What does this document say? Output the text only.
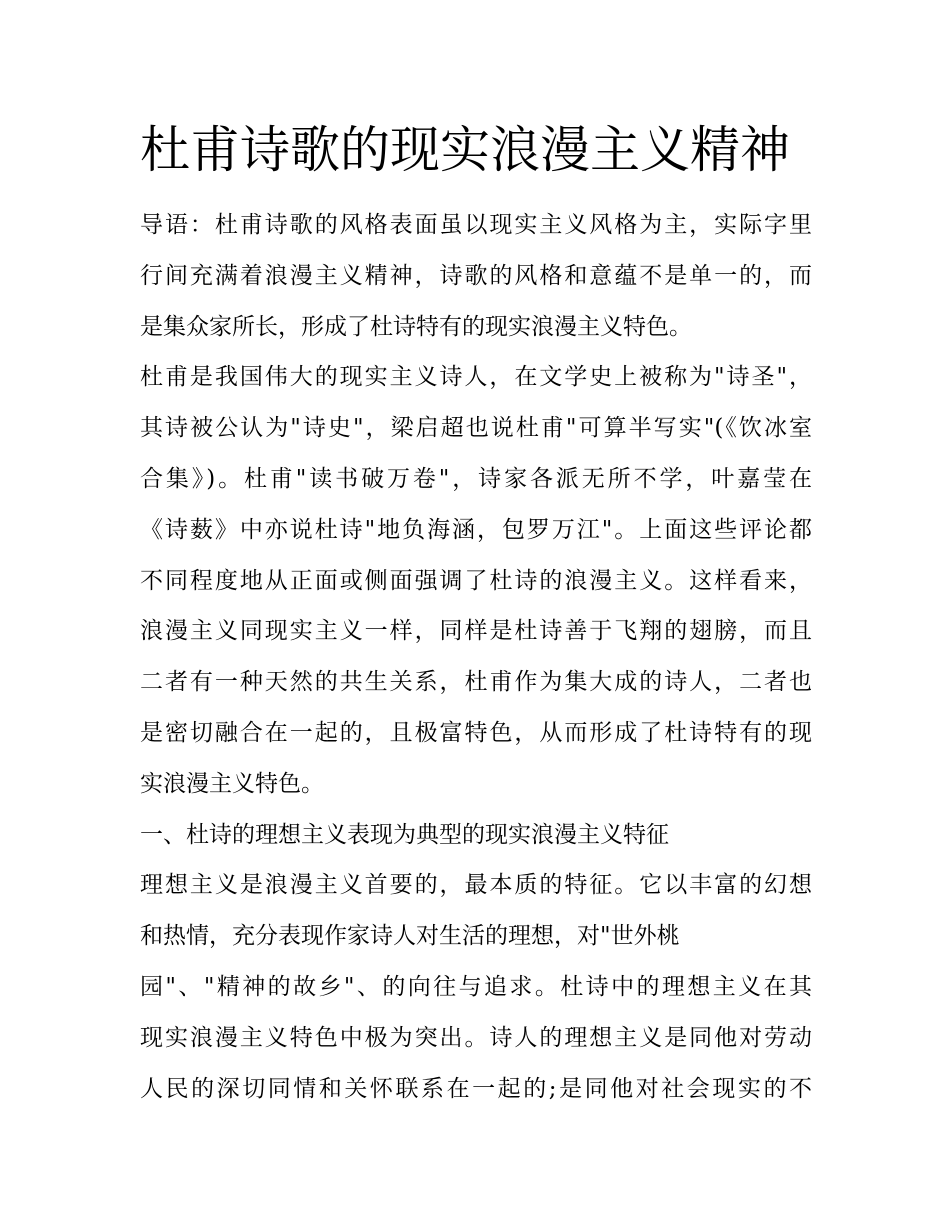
杜甫诗歌的现实浪漫主义精神
导语：杜甫诗歌的风格表面虽以现实主义风格为主，实际字里
行间充满着浪漫主义精神，诗歌的风格和意蕴不是单一的，而
是集众家所长，形成了杜诗特有的现实浪漫主义特色。
杜甫是我国伟大的现实主义诗人，在文学史上被称为"诗圣"，
其诗被公认为"诗史"，梁启超也说杜甫"可算半写实"(《饮冰室
合集》)。杜甫"读书破万卷"，诗家各派无所不学，叶嘉莹在
《诗薮》中亦说杜诗"地负海涵，包罗万江"。上面这些评论都
不同程度地从正面或侧面强调了杜诗的浪漫主义。这样看来，
浪漫主义同现实主义一样，同样是杜诗善于飞翔的翅膀，而且
二者有一种天然的共生关系，杜甫作为集大成的诗人，二者也
是密切融合在一起的，且极富特色，从而形成了杜诗特有的现
实浪漫主义特色。
一、杜诗的理想主义表现为典型的现实浪漫主义特征
理想主义是浪漫主义首要的，最本质的特征。它以丰富的幻想
和热情，充分表现作家诗人对生活的理想，对"世外桃
园"、"精神的故乡"、的向往与追求。杜诗中的理想主义在其
现实浪漫主义特色中极为突出。诗人的理想主义是同他对劳动
人民的深切同情和关怀联系在一起的;是同他对社会现实的不
